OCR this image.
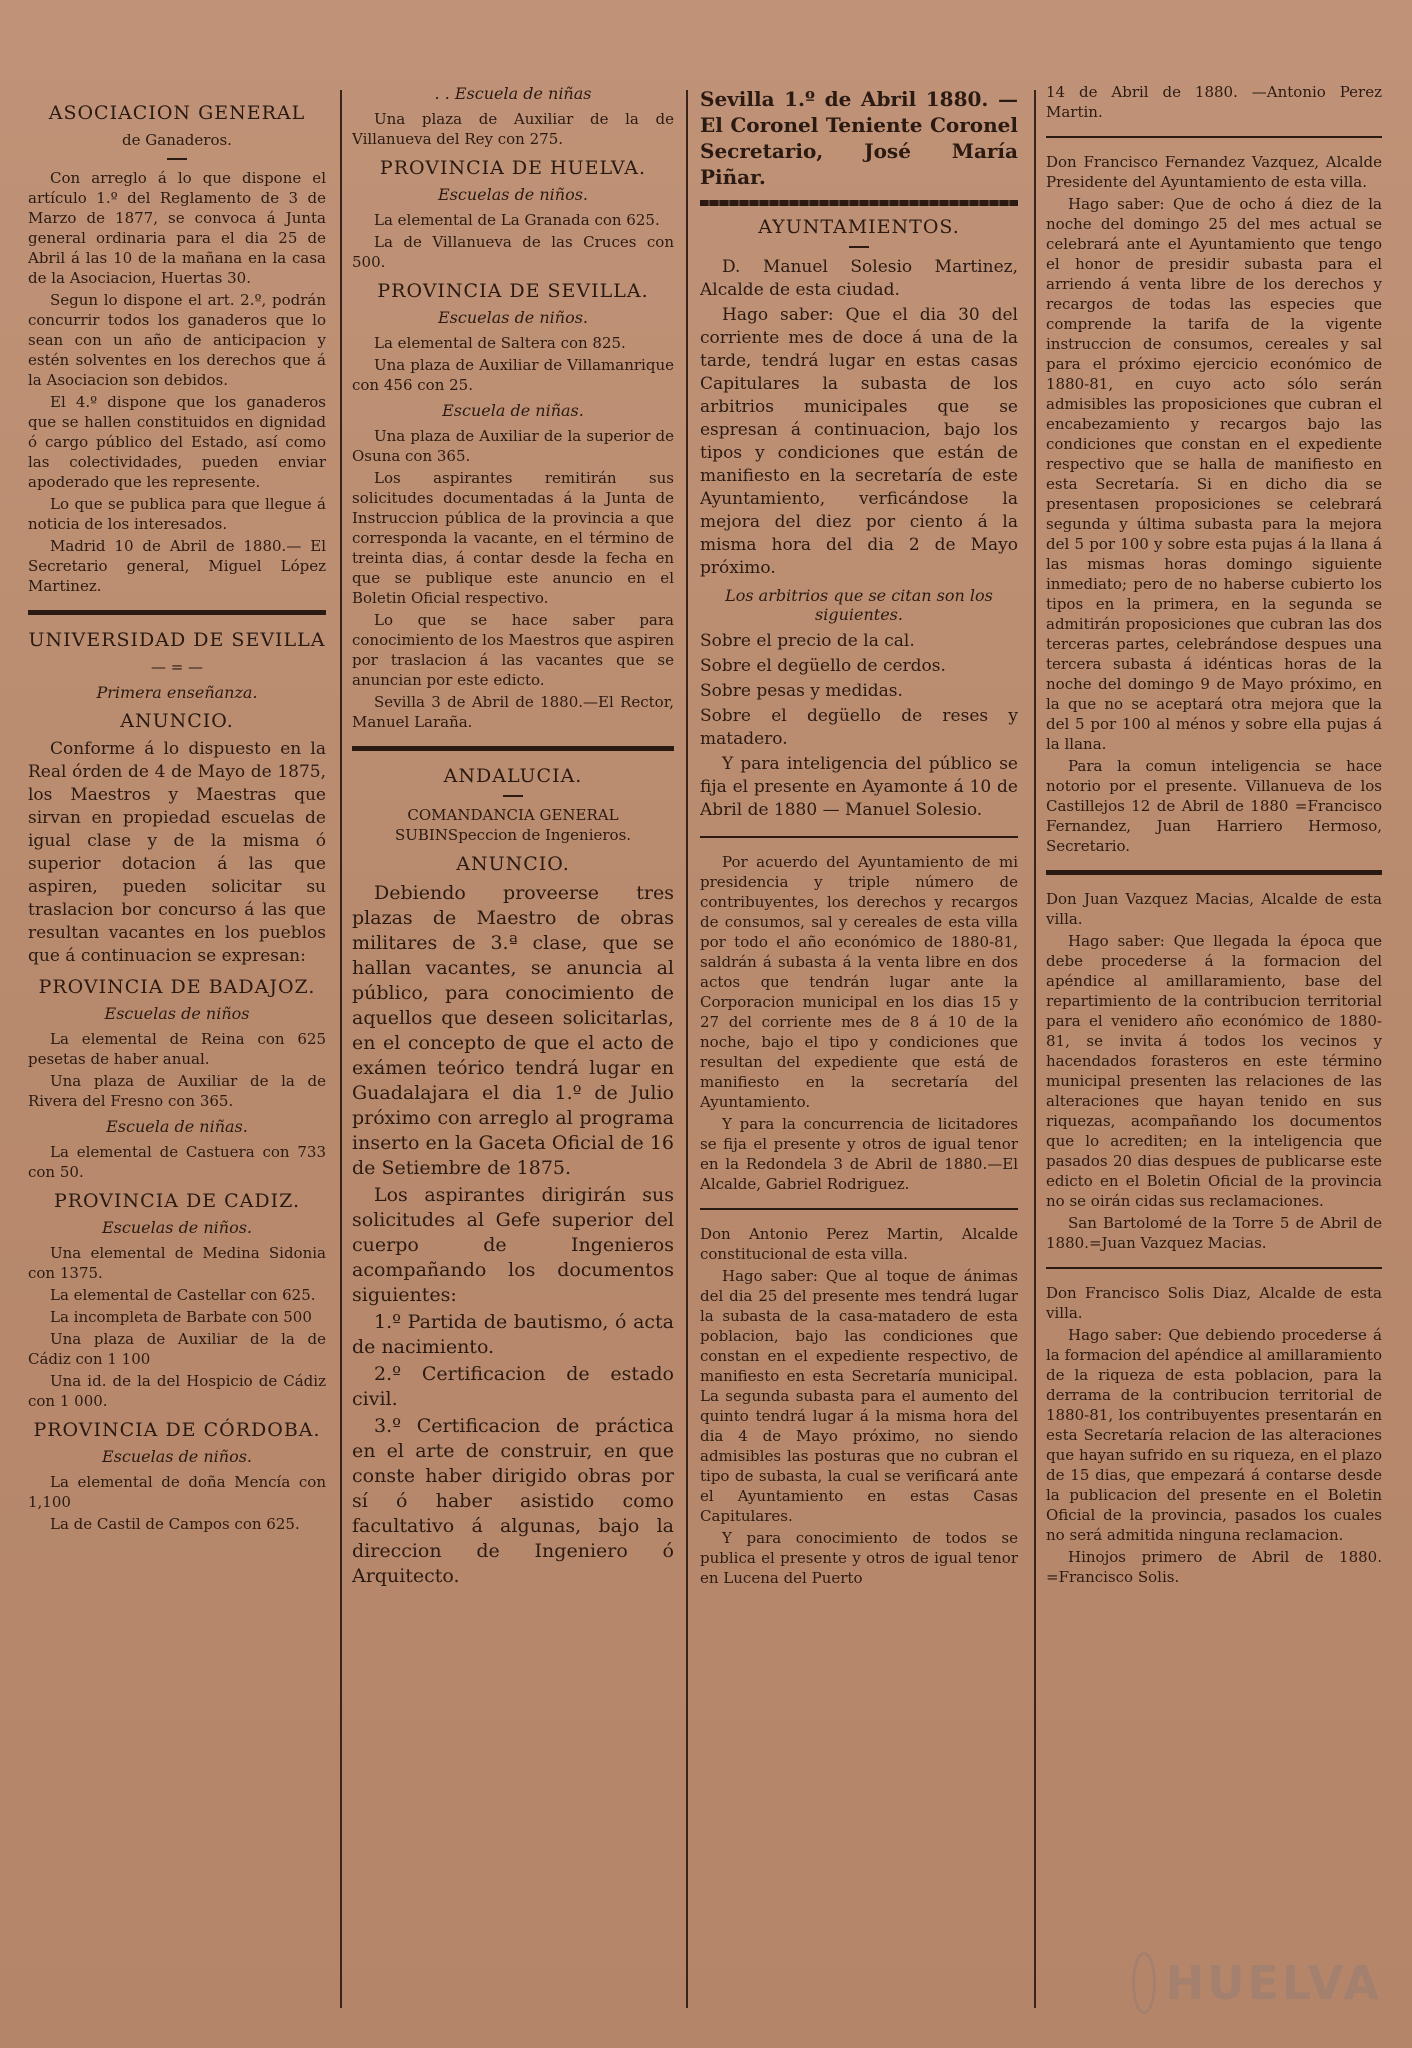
ASOCIACION GENERAL
de Ganaderos.

Con arreglo á lo que dispone el artículo 1.º del Reglamento de 3 de Marzo de 1877, se convoca á Junta general ordinaria para el dia 25 de Abril á las 10 de la mañana en la casa de la Asociacion, Huertas 30.

Segun lo dispone el art. 2.º, podrán concurrir todos los ganaderos que lo sean con un año de anticipacion y estén solventes en los derechos que á la Asociacion son debidos.

El 4.º dispone que los ganaderos que se hallen constituidos en dignidad ó cargo público del Estado, así como las colectividades, pueden enviar apoderado que les represente.

Lo que se publica para que llegue á noticia de los interesados.

Madrid 10 de Abril de 1880.— El Secretario general, Miguel López Martinez.

UNIVERSIDAD DE SEVILLA
— = —
Primera enseñanza.
ANUNCIO.

Conforme á lo dispuesto en la Real órden de 4 de Mayo de 1875, los Maestros y Maestras que sirvan en propiedad escuelas de igual clase y de la misma ó superior dotacion á las que aspiren, pueden solicitar su traslacion bor concurso á las que resultan vacantes en los pueblos que á continuacion se expresan:

PROVINCIA DE BADAJOZ.
Escuelas de niños

La elemental de Reina con 625 pesetas de haber anual.

Una plaza de Auxiliar de la de Rivera del Fresno con 365.

Escuela de niñas.

La elemental de Castuera con 733 con 50.

PROVINCIA DE CADIZ.
Escuelas de niños.

Una elemental de Medina Sidonia con 1375.

La elemental de Castellar con 625.

La incompleta de Barbate con 500

Una plaza de Auxiliar de la de Cádiz con 1 100

Una id. de la del Hospicio de Cádiz con 1 000.

PROVINCIA DE CÓRDOBA.
Escuelas de niños.

La elemental de doña Mencía con 1,100

La de Castil de Campos con 625.

. . Escuela de niñas

Una plaza de Auxiliar de la de Villanueva del Rey con 275.

PROVINCIA DE HUELVA.
Escuelas de niños.

La elemental de La Granada con 625.

La de Villanueva de las Cruces con 500.

PROVINCIA DE SEVILLA.
Escuelas de niños.

La elemental de Saltera con 825.

Una plaza de Auxiliar de Villamanrique con 456 con 25.

Escuela de niñas.

Una plaza de Auxiliar de la superior de Osuna con 365.

Los aspirantes remitirán sus solicitudes documentadas á la Junta de Instruccion pública de la provincia a que corresponda la vacante, en el término de treinta dias, á contar desde la fecha en que se publique este anuncio en el Boletin Oficial respectivo.

Lo que se hace saber para conocimiento de los Maestros que aspiren por traslacion á las vacantes que se anuncian por este edicto.

Sevilla 3 de Abril de 1880.—El Rector, Manuel Laraña.

ANDALUCIA.
COMANDANCIA GENERAL SUBINSpeccion de Ingenieros.
ANUNCIO.

Debiendo proveerse tres plazas de Maestro de obras militares de 3.ª clase, que se hallan vacantes, se anuncia al público, para conocimiento de aquellos que deseen solicitarlas, en el concepto de que el acto de exámen teórico tendrá lugar en Guadalajara el dia 1.º de Julio próximo con arreglo al programa inserto en la Gaceta Oficial de 16 de Setiembre de 1875.

Los aspirantes dirigirán sus solicitudes al Gefe superior del cuerpo de Ingenieros acompañando los documentos siguientes:

1.º Partida de bautismo, ó acta de nacimiento.

2.º Certificacion de estado civil.

3.º Certificacion de práctica en el arte de construir, en que conste haber dirigido obras por sí ó haber asistido como facultativo á algunas, bajo la direccion de Ingeniero ó Arquitecto.

Sevilla 1.º de Abril 1880. —El Coronel Teniente Coronel Secretario, José María Piñar.

AYUNTAMIENTOS.

D. Manuel Solesio Martinez, Alcalde de esta ciudad.

Hago saber: Que el dia 30 del corriente mes de doce á una de la tarde, tendrá lugar en estas casas Capitulares la subasta de los arbitrios municipales que se espresan á continuacion, bajo los tipos y condiciones que están de manifiesto en la secretaría de este Ayuntamiento, verficándose la mejora del diez por ciento á la misma hora del dia 2 de Mayo próximo.

Los arbitrios que se citan son los siguientes.

Sobre el precio de la cal.

Sobre el degüello de cerdos.

Sobre pesas y medidas.

Sobre el degüello de reses y matadero.

Y para inteligencia del público se fija el presente en Ayamonte á 10 de Abril de 1880 — Manuel Solesio.

Por acuerdo del Ayuntamiento de mi presidencia y triple número de contribuyentes, los derechos y recargos de consumos, sal y cereales de esta villa por todo el año económico de 1880-81, saldrán á subasta á la venta libre en dos actos que tendrán lugar ante la Corporacion municipal en los dias 15 y 27 del corriente mes de 8 á 10 de la noche, bajo el tipo y condiciones que resultan del expediente que está de manifiesto en la secretaría del Ayuntamiento.

Y para la concurrencia de licitadores se fija el presente y otros de igual tenor en la Redondela 3 de Abril de 1880.—El Alcalde, Gabriel Rodriguez.

Don Antonio Perez Martin, Alcalde constitucional de esta villa.

Hago saber: Que al toque de ánimas del dia 25 del presente mes tendrá lugar la subasta de la casa-matadero de esta poblacion, bajo las condiciones que constan en el expediente respectivo, de manifiesto en esta Secretaría municipal. La segunda subasta para el aumento del quinto tendrá lugar á la misma hora del dia 4 de Mayo próximo, no siendo admisibles las posturas que no cubran el tipo de subasta, la cual se verificará ante el Ayuntamiento en estas Casas Capitulares.

Y para conocimiento de todos se publica el presente y otros de igual tenor en Lucena del Puerto

14 de Abril de 1880. —Antonio Perez Martin.

Don Francisco Fernandez Vazquez, Alcalde Presidente del Ayuntamiento de esta villa.

Hago saber: Que de ocho á diez de la noche del domingo 25 del mes actual se celebrará ante el Ayuntamiento que tengo el honor de presidir subasta para el arriendo á venta libre de los derechos y recargos de todas las especies que comprende la tarifa de la vigente instruccion de consumos, cereales y sal para el próximo ejercicio económico de 1880-81, en cuyo acto sólo serán admisibles las proposiciones que cubran el encabezamiento y recargos bajo las condiciones que constan en el expediente respectivo que se halla de manifiesto en esta Secretaría. Si en dicho dia se presentasen proposiciones se celebrará segunda y última subasta para la mejora del 5 por 100 y sobre esta pujas á la llana á las mismas horas domingo siguiente inmediato; pero de no haberse cubierto los tipos en la primera, en la segunda se admitirán proposiciones que cubran las dos terceras partes, celebrándose despues una tercera subasta á idénticas horas de la noche del domingo 9 de Mayo próximo, en la que no se aceptará otra mejora que la del 5 por 100 al ménos y sobre ella pujas á la llana.

Para la comun inteligencia se hace notorio por el presente. Villanueva de los Castillejos 12 de Abril de 1880 =Francisco Fernandez, Juan Harriero Hermoso, Secretario.

Don Juan Vazquez Macias, Alcalde de esta villa.

Hago saber: Que llegada la época que debe procederse á la formacion del apéndice al amillaramiento, base del repartimiento de la contribucion territorial para el venidero año económico de 1880-81, se invita á todos los vecinos y hacendados forasteros en este término municipal presenten las relaciones de las alteraciones que hayan tenido en sus riquezas, acompañando los documentos que lo acrediten; en la inteligencia que pasados 20 dias despues de publicarse este edicto en el Boletin Oficial de la provincia no se oirán cidas sus reclamaciones.

San Bartolomé de la Torre 5 de Abril de 1880.=Juan Vazquez Macias.

Don Francisco Solis Diaz, Alcalde de esta villa.

Hago saber: Que debiendo procederse á la formacion del apéndice al amillaramiento de la riqueza de esta poblacion, para la derrama de la contribucion territorial de 1880-81, los contribuyentes presentarán en esta Secretaría relacion de las alteraciones que hayan sufrido en su riqueza, en el plazo de 15 dias, que empezará á contarse desde la publicacion del presente en el Boletin Oficial de la provincia, pasados los cuales no será admitida ninguna reclamacion.

Hinojos primero de Abril de 1880. =Francisco Solis.

HUELVA
